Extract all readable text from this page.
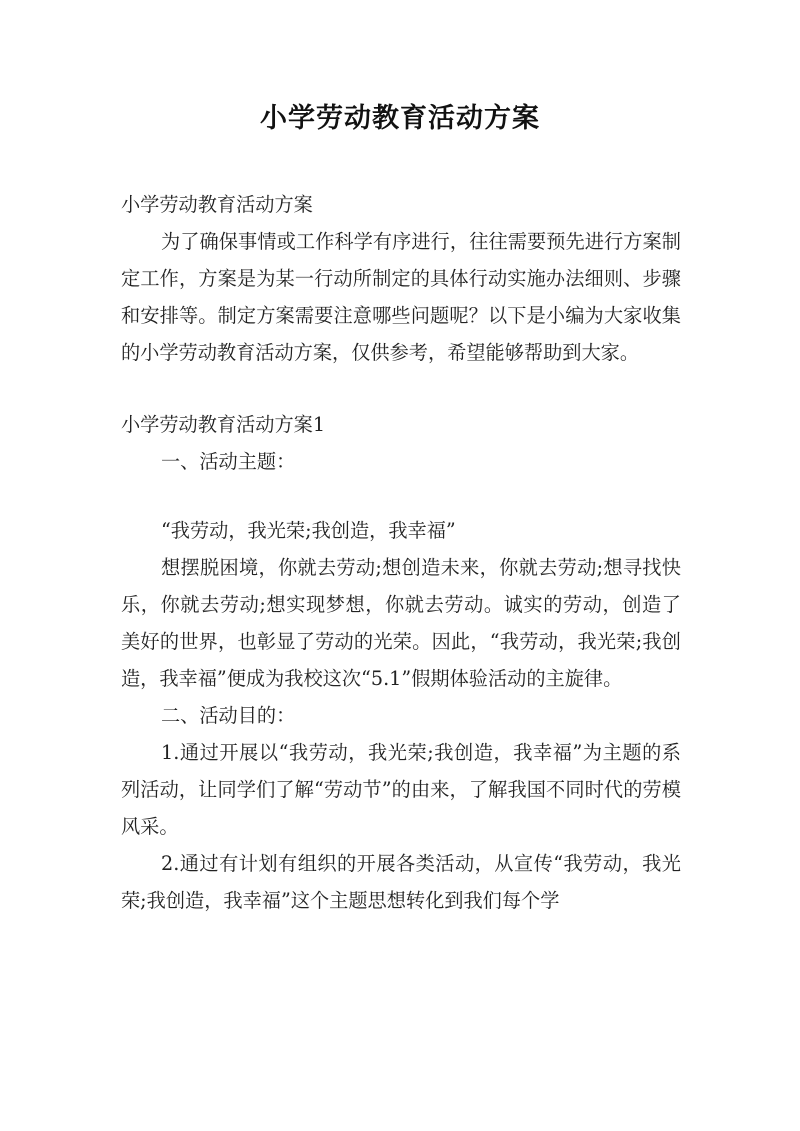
小学劳动教育活动方案

小学劳动教育活动方案

为了确保事情或工作科学有序进行，往往需要预先进行方案制定工作，方案是为某一行动所制定的具体行动实施办法细则、步骤和安排等。制定方案需要注意哪些问题呢？以下是小编为大家收集的小学劳动教育活动方案，仅供参考，希望能够帮助到大家。

小学劳动教育活动方案1

一、活动主题：

“我劳动，我光荣;我创造，我幸福”

想摆脱困境，你就去劳动;想创造未来，你就去劳动;想寻找快乐，你就去劳动;想实现梦想，你就去劳动。诚实的劳动，创造了美好的世界，也彰显了劳动的光荣。因此，“我劳动，我光荣;我创造，我幸福”便成为我校这次“5.1”假期体验活动的主旋律。

二、活动目的：

1.通过开展以“我劳动，我光荣;我创造，我幸福”为主题的系列活动，让同学们了解“劳动节”的由来，了解我国不同时代的劳模风采。

2.通过有计划有组织的开展各类活动，从宣传“我劳动，我光荣;我创造，我幸福”这个主题思想转化到我们每个学
